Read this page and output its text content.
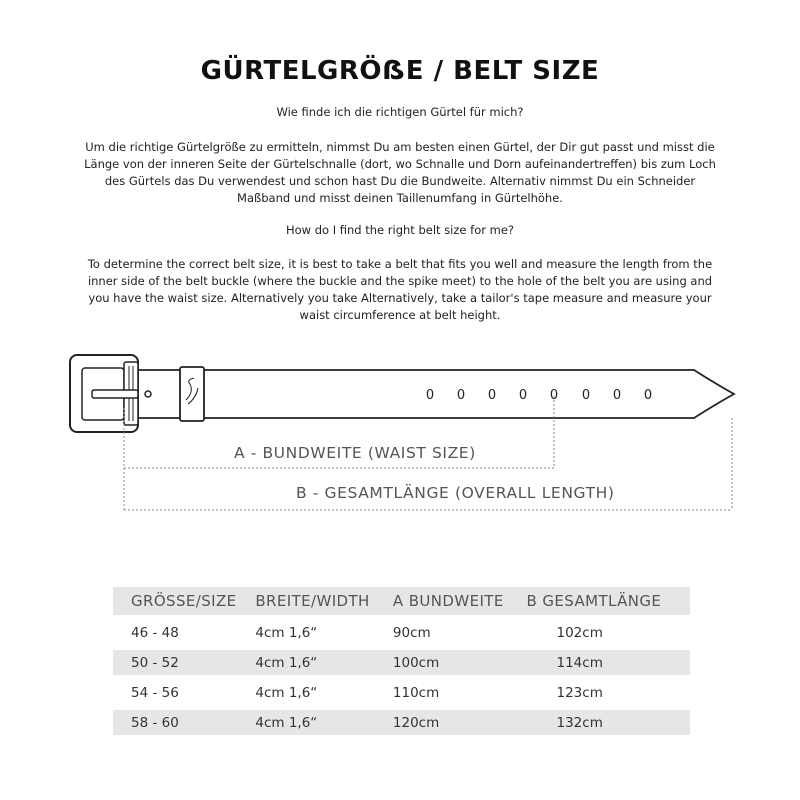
GÜRTELGRÖẞE / BELT SIZE

Wie finde ich die richtigen Gürtel für mich?

Um die richtige Gürtelgröße zu ermitteln, nimmst Du am besten einen Gürtel, der Dir gut passt und misst die Länge von der inneren Seite der Gürtelschnalle (dort, wo Schnalle und Dorn aufeinandertreffen) bis zum Loch des Gürtels das Du verwendest und schon hast Du die Bundweite. Alternativ nimmst Du ein Schneider Maßband und misst deinen Taillenumfang in Gürtelhöhe.

How do I find the right belt size for me?

To determine the correct belt size, it is best to take a belt that fits you well and measure the length from the inner side of the belt buckle (where the buckle and the spike meet) to the hole of the belt you are using and you have the waist size. Alternatively you take Alternatively, take a tailor's tape measure and measure your waist circumference at belt height.

0 0 0 0 0 0 0 0
A - BUNDWEITE (WAIST SIZE)
B - GESAMTLÄNGE (OVERALL LENGTH)
GRÖSSE/SIZE	BREITE/WIDTH	A BUNDWEITE	B GESAMTLÄNGE
46 - 48	4cm 1,6“	90cm	102cm
50 - 52	4cm 1,6“	100cm	114cm
54 - 56	4cm 1,6“	110cm	123cm
58 - 60	4cm 1,6“	120cm	132cm
